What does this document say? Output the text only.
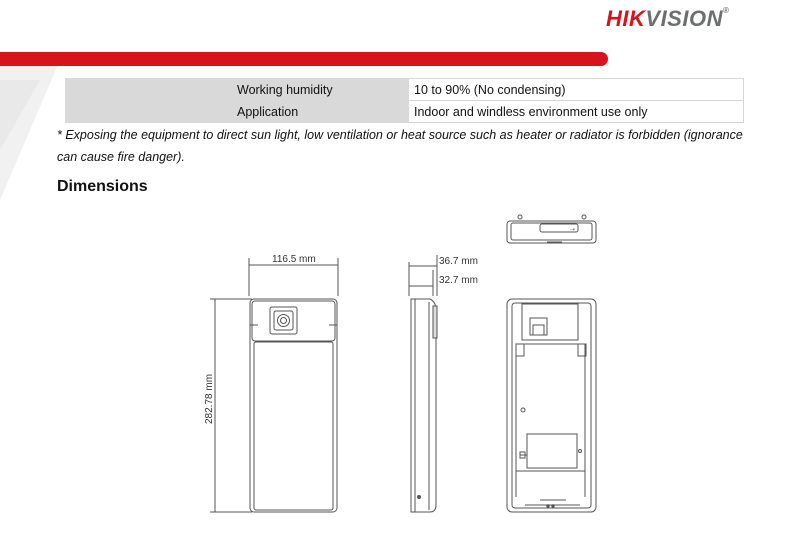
HIKVISION®
Working humidity	10 to 90% (No condensing)
Application	Indoor and windless environment use only
* Exposing the equipment to direct sun light, low ventilation or heat source such as heater or radiator is forbidden (ignorance can cause fire danger).
Dimensions
116.5 mm
282.78 mm
36.7 mm
32.7 mm
⇢
